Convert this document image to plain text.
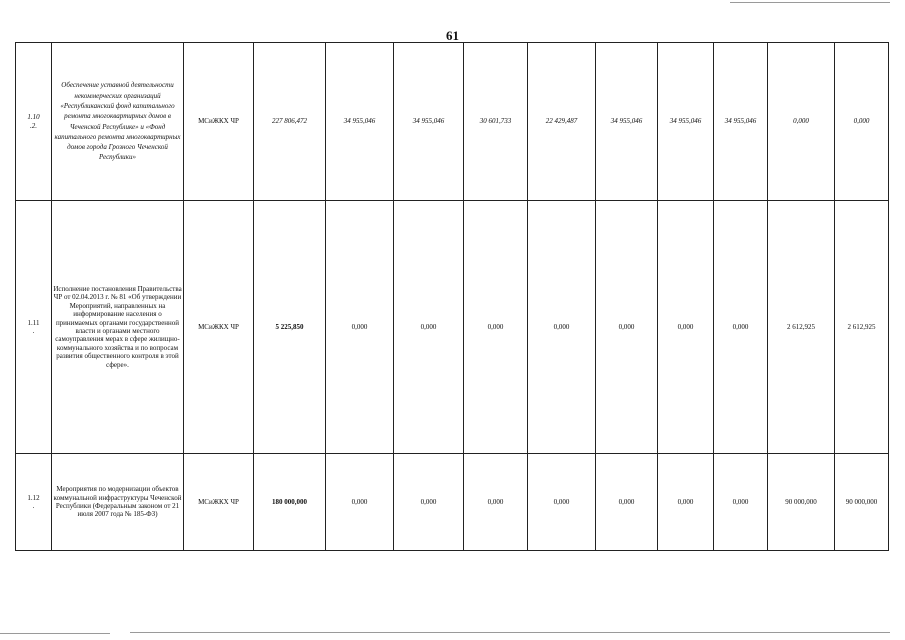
61
1.10
.2.	Обеспечение уставной деятельности некоммерческих организаций «Республиканский фонд капитального ремонта многоквартирных домов в Чеченской Республике» и «Фонд капитального ремонта многоквартирных домов города Грозного Чеченской Республики»	МСиЖКХ ЧР	227 806,472	34 955,046	34 955,046	30 601,733	22 429,487	34 955,046	34 955,046	34 955,046	0,000	0,000
1.11
.	Исполнение постановления Правительства ЧР от 02.04.2013 г. № 81 «Об утверждении Мероприятий, направленных на информирование населения о принимаемых органами государственной власти и органами местного самоуправления мерах в сфере жилищно-коммунального хозяйства и по вопросам развития общественного контроля в этой сфере».	МСиЖКХ ЧР	5 225,850	0,000	0,000	0,000	0,000	0,000	0,000	0,000	2 612,925	2 612,925
1.12
.	Мероприятия по модернизации объектов коммунальной инфраструктуры Чеченской Республики (Федеральным законом от 21 июля 2007 года № 185-ФЗ)	МСиЖКХ ЧР	180 000,000	0,000	0,000	0,000	0,000	0,000	0,000	0,000	90 000,000	90 000,000
